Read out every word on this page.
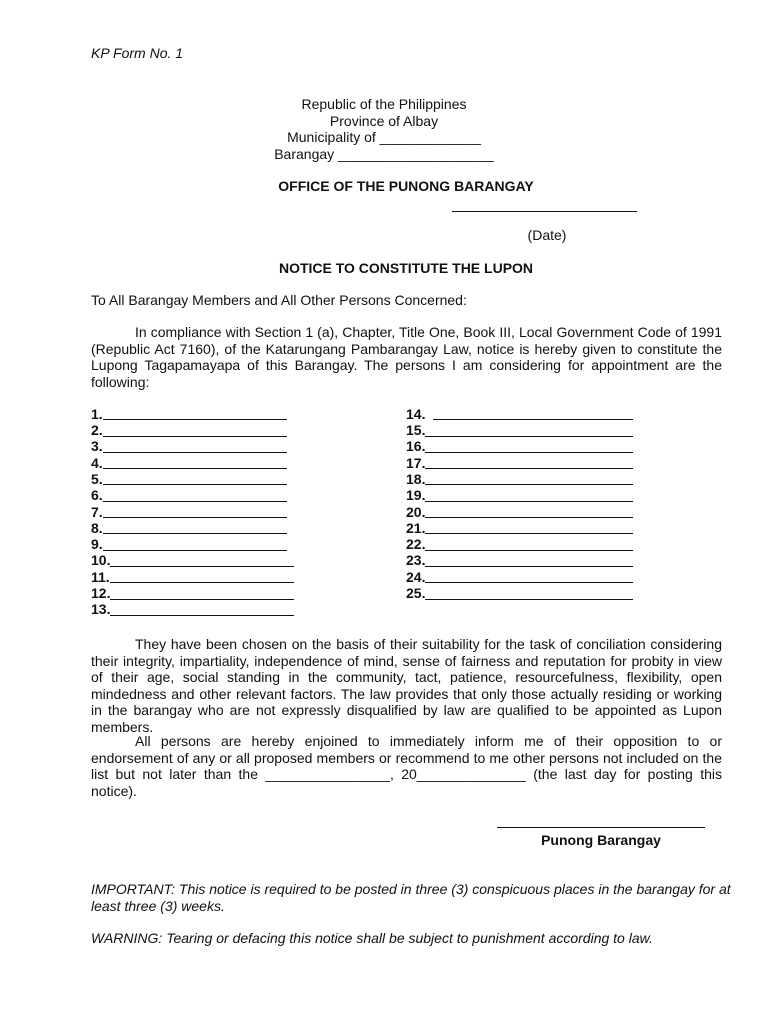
KP Form No. 1
Republic of the Philippines
Province of Albay
Municipality of _____________
Barangay ____________________
OFFICE OF THE PUNONG BARANGAY
(Date)
NOTICE TO CONSTITUTE THE LUPON
To All Barangay Members and All Other Persons Concerned:
In compliance with Section 1 (a), Chapter, Title One, Book III, Local Government Code of 1991 (Republic Act 7160), of the Katarungang Pambarangay Law, notice is hereby given to constitute the Lupong Tagapamayapa of this Barangay. The persons I am considering for appointment are the following:
1.
2.
3.
4.
5.
6.
7.
8.
9.
10.
11.
12.
13.
14.
15.
16.
17.
18.
19.
20.
21.
22.
23.
24.
25.
They have been chosen on the basis of their suitability for the task of conciliation considering their integrity, impartiality, independence of mind, sense of fairness and reputation for probity in view of their age, social standing in the community, tact, patience, resourcefulness, flexibility, open mindedness and other relevant factors. The law provides that only those actually residing or working in the barangay who are not expressly disqualified by law are qualified to be appointed as Lupon members.
All persons are hereby enjoined to immediately inform me of their opposition to or endorsement of any or all proposed members or recommend to me other persons not included on the list but not later than the ________________, 20______________ (the last day for posting this notice).
Punong Barangay
IMPORTANT: This notice is required to be posted in three (3) conspicuous places in the barangay for at least three (3) weeks.
WARNING: Tearing or defacing this notice shall be subject to punishment according to law.
